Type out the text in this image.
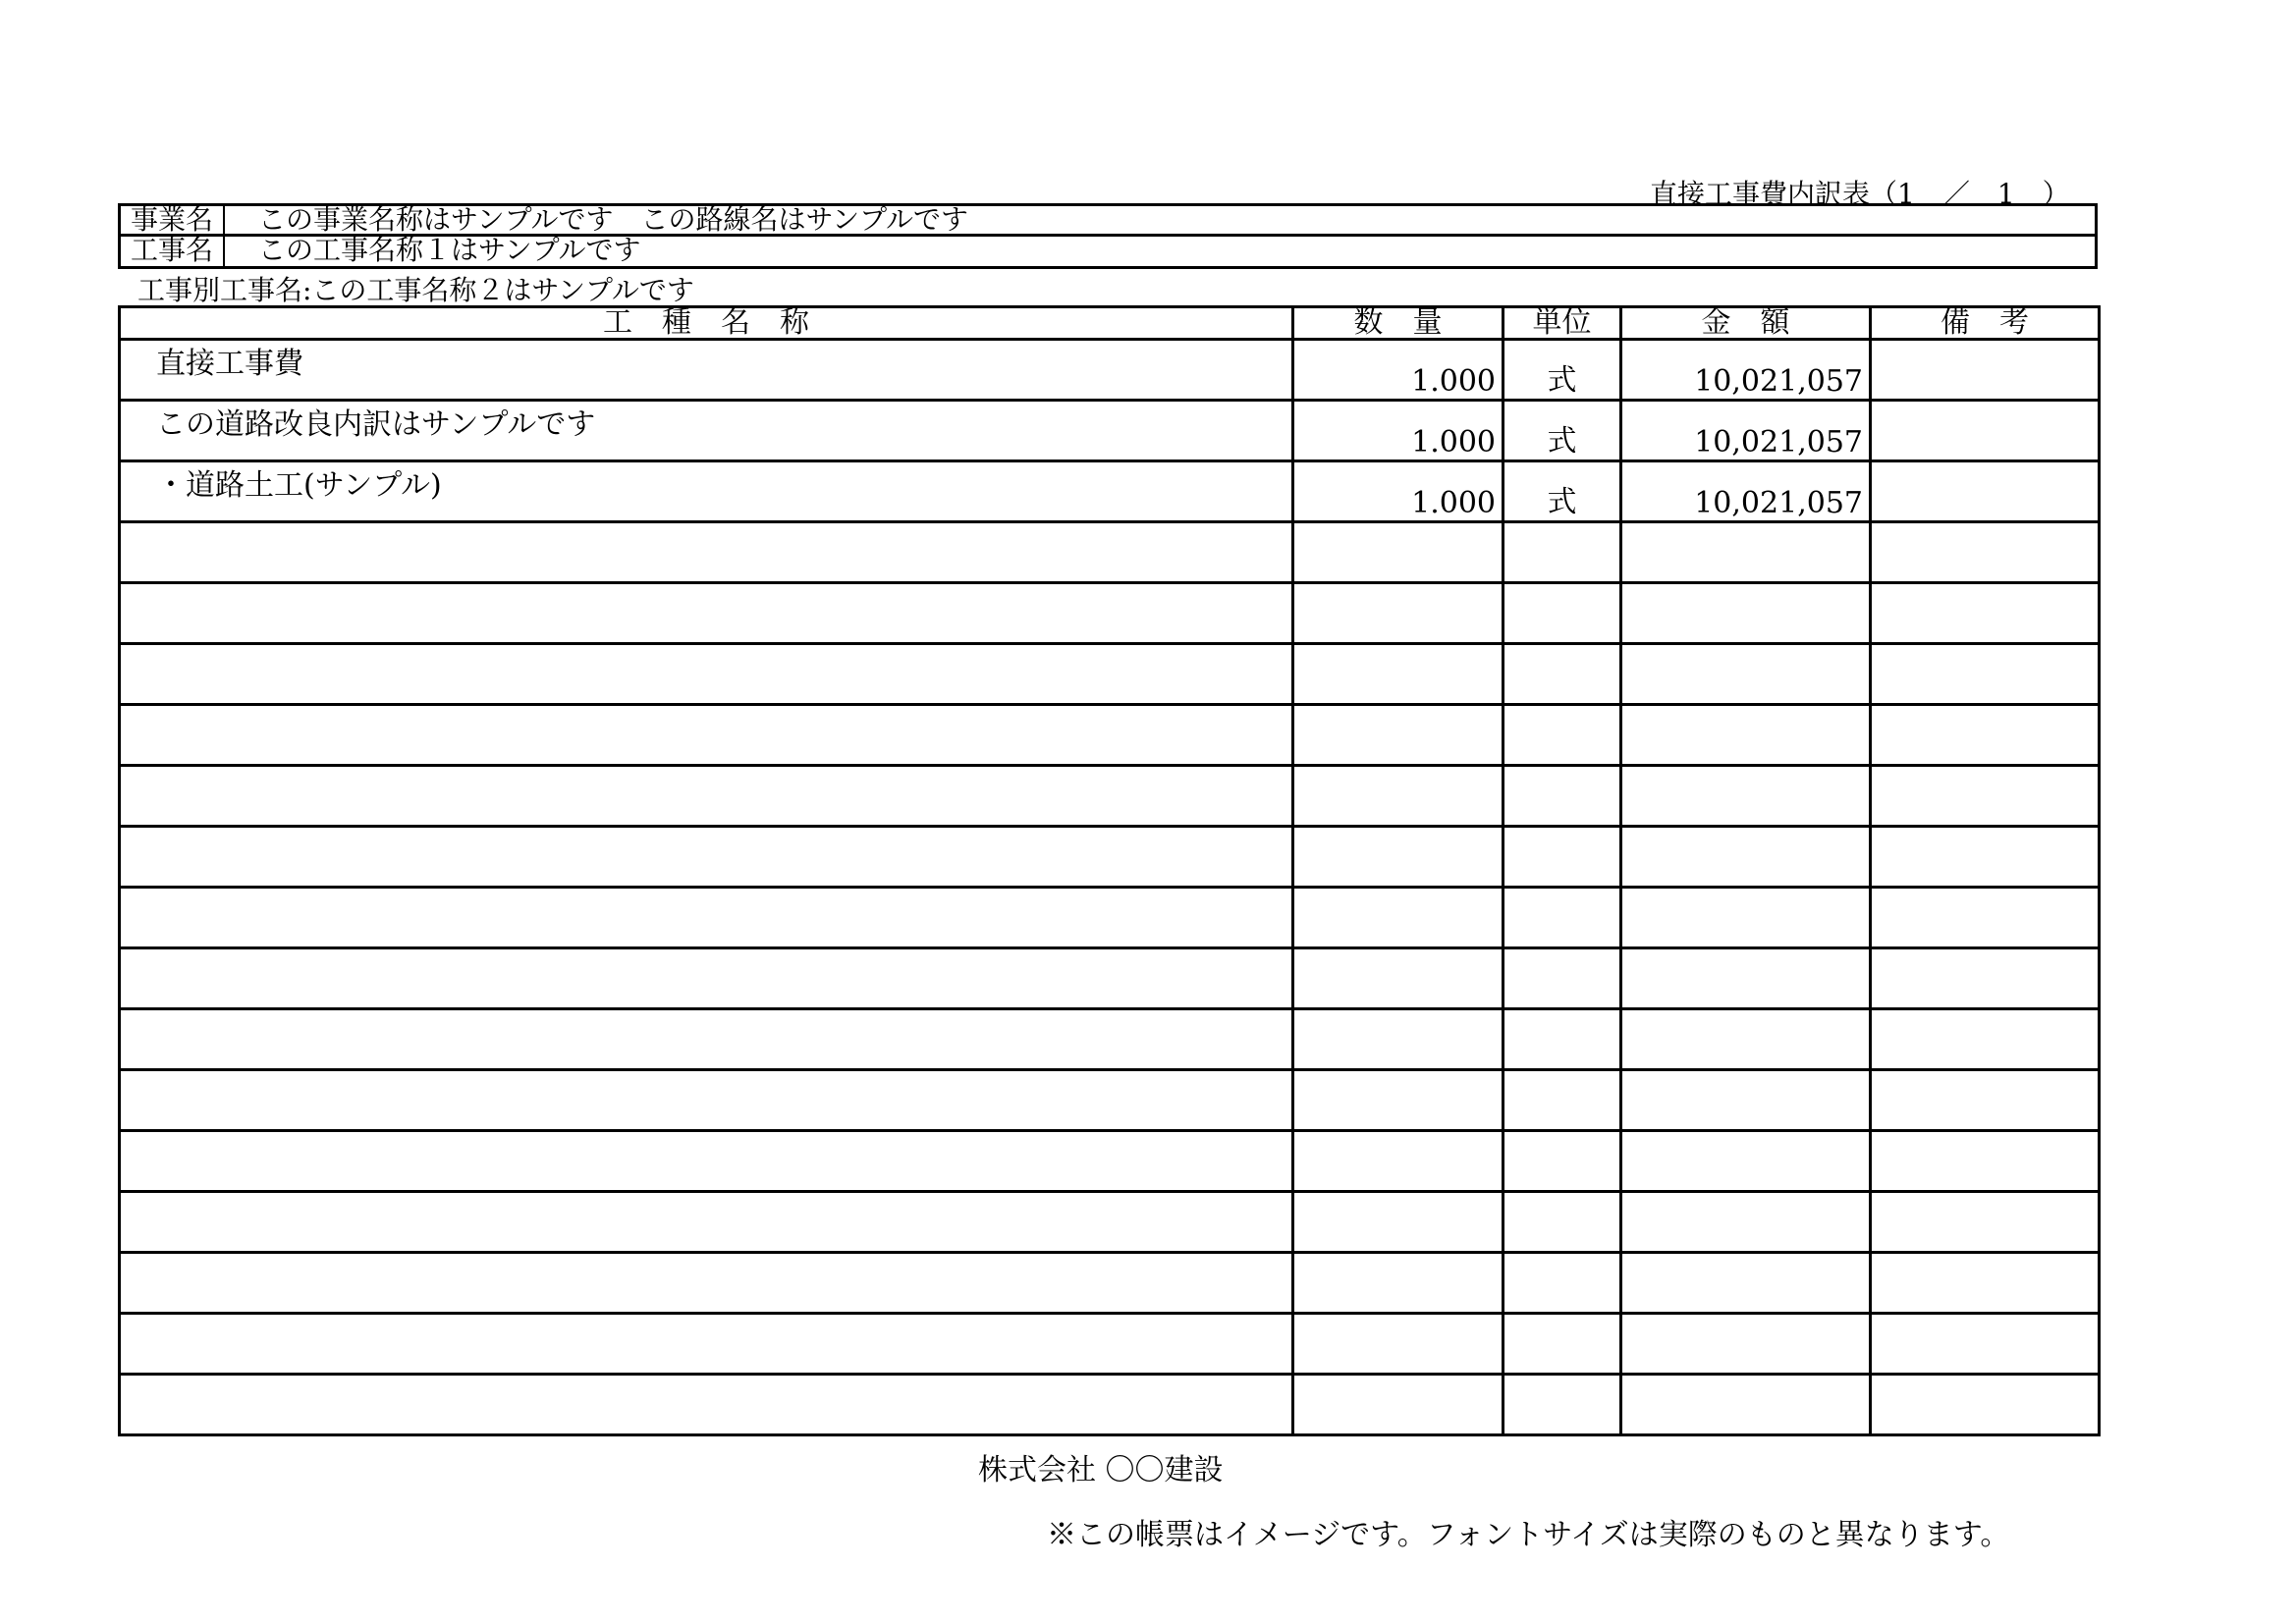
直接工事費内訳表（1　／　1　）
事業名	この事業名称はサンプルです　この路線名はサンプルです
工事名	この工事名称１はサンプルです
工事別工事名:この工事名称２はサンプルです
工　種　名　称	数　量	単位	金　額	備　考

直接工事費	1.000	式	10,021,057	

この道路改良内訳はサンプルです	1.000	式	10,021,057	

・道路土工(サンプル)	1.000	式	10,021,057	

株式会社 〇〇建設
※この帳票はイメージです。フォントサイズは実際のものと異なります。
